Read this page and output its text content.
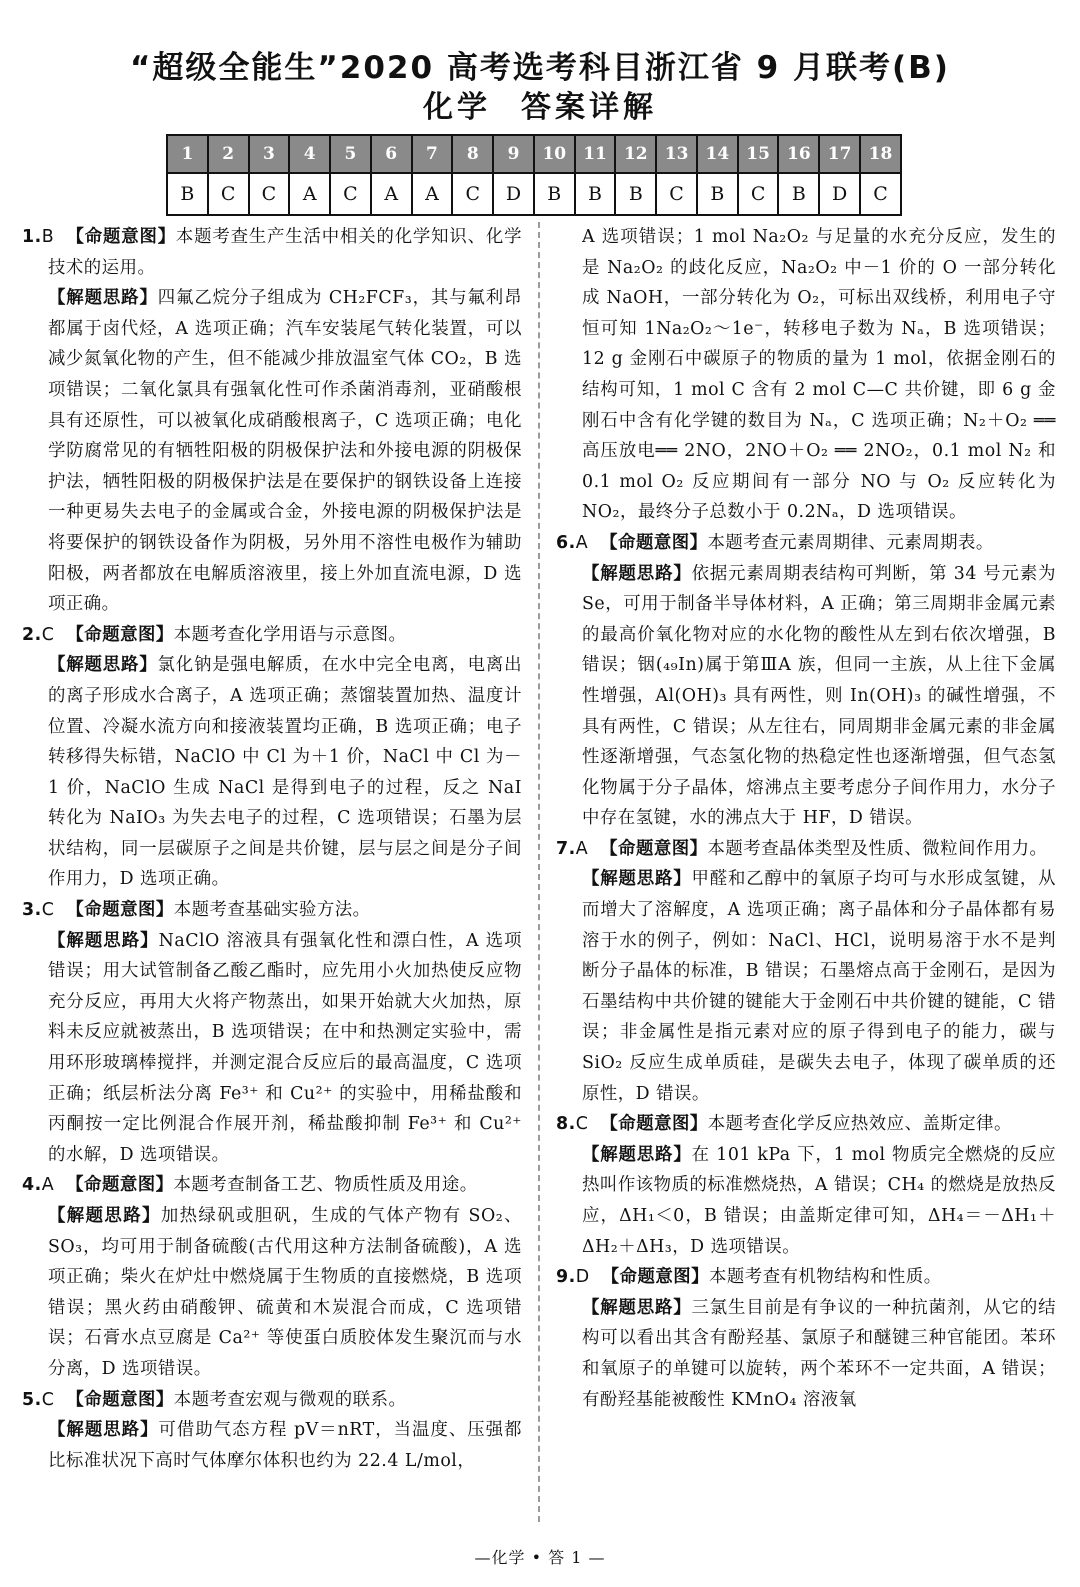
“超级全能生”2020 高考选考科目浙江省 9 月联考(B)
化学 答案详解
1	2	3	4	5	6	7	8	9	10	11	12	13	14	15	16	17	18
B	C	C	A	C	A	A	C	D	B	B	B	C	B	C	B	D	C

1.B 【命题意图】本题考查生产生活中相关的化学知识、化学技术的运用。

【解题思路】四氟乙烷分子组成为 CH₂FCF₃，其与氟利昂都属于卤代烃，A 选项正确；汽车安装尾气转化装置，可以减少氮氧化物的产生，但不能减少排放温室气体 CO₂，B 选项错误；二氧化氯具有强氧化性可作杀菌消毒剂，亚硝酸根具有还原性，可以被氧化成硝酸根离子，C 选项正确；电化学防腐常见的有牺牲阳极的阴极保护法和外接电源的阴极保护法，牺牲阳极的阴极保护法是在要保护的钢铁设备上连接一种更易失去电子的金属或合金，外接电源的阴极保护法是将要保护的钢铁设备作为阴极，另外用不溶性电极作为辅助阳极，两者都放在电解质溶液里，接上外加直流电源，D 选项正确。

2.C 【命题意图】本题考查化学用语与示意图。

【解题思路】氯化钠是强电解质，在水中完全电离，电离出的离子形成水合离子，A 选项正确；蒸馏装置加热、温度计位置、冷凝水流方向和接液装置均正确，B 选项正确；电子转移得失标错，NaClO 中 Cl 为＋1 价，NaCl 中 Cl 为－1 价，NaClO 生成 NaCl 是得到电子的过程，反之 NaI 转化为 NaIO₃ 为失去电子的过程，C 选项错误；石墨为层状结构，同一层碳原子之间是共价键，层与层之间是分子间作用力，D 选项正确。

3.C 【命题意图】本题考查基础实验方法。

【解题思路】NaClO 溶液具有强氧化性和漂白性，A 选项错误；用大试管制备乙酸乙酯时，应先用小火加热使反应物充分反应，再用大火将产物蒸出，如果开始就大火加热，原料未反应就被蒸出，B 选项错误；在中和热测定实验中，需用环形玻璃棒搅拌，并测定混合反应后的最高温度，C 选项正确；纸层析法分离 Fe³⁺ 和 Cu²⁺ 的实验中，用稀盐酸和丙酮按一定比例混合作展开剂，稀盐酸抑制 Fe³⁺ 和 Cu²⁺ 的水解，D 选项错误。

4.A 【命题意图】本题考查制备工艺、物质性质及用途。

【解题思路】加热绿矾或胆矾，生成的气体产物有 SO₂、SO₃，均可用于制备硫酸(古代用这种方法制备硫酸)，A 选项正确；柴火在炉灶中燃烧属于生物质的直接燃烧，B 选项错误；黑火药由硝酸钾、硫黄和木炭混合而成，C 选项错误；石膏水点豆腐是 Ca²⁺ 等使蛋白质胶体发生聚沉而与水分离，D 选项错误。

5.C 【命题意图】本题考查宏观与微观的联系。

【解题思路】可借助气态方程 pV＝nRT，当温度、压强都比标准状况下高时气体摩尔体积也约为 22.4 L/mol，

A 选项错误；1 mol Na₂O₂ 与足量的水充分反应，发生的是 Na₂O₂ 的歧化反应，Na₂O₂ 中－1 价的 O 一部分转化成 NaOH，一部分转化为 O₂，可标出双线桥，利用电子守恒可知 1Na₂O₂～1e⁻，转移电子数为 Nₐ，B 选项错误；12 g 金刚石中碳原子的物质的量为 1 mol，依据金刚石的结构可知，1 mol C 含有 2 mol C—C 共价键，即 6 g 金刚石中含有化学键的数目为 Nₐ，C 选项正确；N₂＋O₂ ══高压放电══ 2NO，2NO＋O₂ ══ 2NO₂，0.1 mol N₂ 和 0.1 mol O₂ 反应期间有一部分 NO 与 O₂ 反应转化为 NO₂，最终分子总数小于 0.2Nₐ，D 选项错误。

6.A 【命题意图】本题考查元素周期律、元素周期表。

【解题思路】依据元素周期表结构可判断，第 34 号元素为 Se，可用于制备半导体材料，A 正确；第三周期非金属元素的最高价氧化物对应的水化物的酸性从左到右依次增强，B 错误；铟(₄₉In)属于第ⅢA 族，但同一主族，从上往下金属性增强，Al(OH)₃ 具有两性，则 In(OH)₃ 的碱性增强，不具有两性，C 错误；从左往右，同周期非金属元素的非金属性逐渐增强，气态氢化物的热稳定性也逐渐增强，但气态氢化物属于分子晶体，熔沸点主要考虑分子间作用力，水分子中存在氢键，水的沸点大于 HF，D 错误。

7.A 【命题意图】本题考查晶体类型及性质、微粒间作用力。

【解题思路】甲醛和乙醇中的氧原子均可与水形成氢键，从而增大了溶解度，A 选项正确；离子晶体和分子晶体都有易溶于水的例子，例如：NaCl、HCl，说明易溶于水不是判断分子晶体的标准，B 错误；石墨熔点高于金刚石，是因为石墨结构中共价键的键能大于金刚石中共价键的键能，C 错误；非金属性是指元素对应的原子得到电子的能力，碳与 SiO₂ 反应生成单质硅，是碳失去电子，体现了碳单质的还原性，D 错误。

8.C 【命题意图】本题考查化学反应热效应、盖斯定律。

【解题思路】在 101 kPa 下，1 mol 物质完全燃烧的反应热叫作该物质的标准燃烧热，A 错误；CH₄ 的燃烧是放热反应，ΔH₁＜0，B 错误；由盖斯定律可知，ΔH₄＝－ΔH₁＋ΔH₂＋ΔH₃，D 选项错误。

9.D 【命题意图】本题考查有机物结构和性质。

【解题思路】三氯生目前是有争议的一种抗菌剂，从它的结构可以看出其含有酚羟基、氯原子和醚键三种官能团。苯环和氧原子的单键可以旋转，两个苯环不一定共面，A 错误；有酚羟基能被酸性 KMnO₄ 溶液氧

—化学 • 答 1 —
